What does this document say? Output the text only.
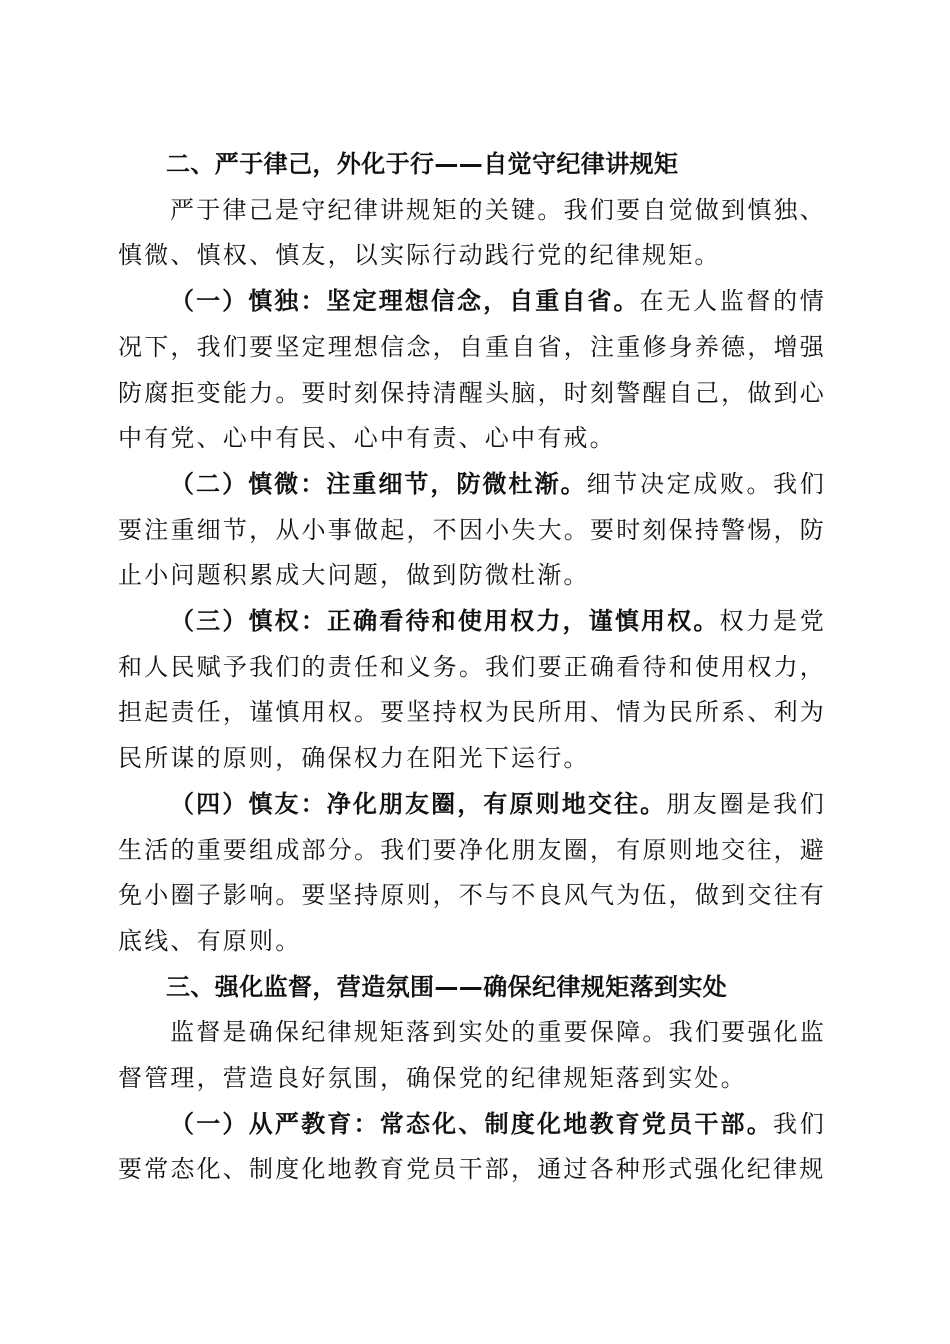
二、严于律己，外化于行——自觉守纪律讲规矩

严于律己是守纪律讲规矩的关键。我们要自觉做到慎独、慎微、慎权、慎友，以实际行动践行党的纪律规矩。

（一）慎独：坚定理想信念，自重自省。在无人监督的情况下，我们要坚定理想信念，自重自省，注重修身养德，增强防腐拒变能力。要时刻保持清醒头脑，时刻警醒自己，做到心中有党、心中有民、心中有责、心中有戒。

（二）慎微：注重细节，防微杜渐。细节决定成败。我们要注重细节，从小事做起，不因小失大。要时刻保持警惕，防止小问题积累成大问题，做到防微杜渐。

（三）慎权：正确看待和使用权力，谨慎用权。权力是党和人民赋予我们的责任和义务。我们要正确看待和使用权力，担起责任，谨慎用权。要坚持权为民所用、情为民所系、利为民所谋的原则，确保权力在阳光下运行。

（四）慎友：净化朋友圈，有原则地交往。朋友圈是我们生活的重要组成部分。我们要净化朋友圈，有原则地交往，避免小圈子影响。要坚持原则，不与不良风气为伍，做到交往有底线、有原则。

三、强化监督，营造氛围——确保纪律规矩落到实处

监督是确保纪律规矩落到实处的重要保障。我们要强化监督管理，营造良好氛围，确保党的纪律规矩落到实处。

（一）从严教育：常态化、制度化地教育党员干部。我们要常态化、制度化地教育党员干部，通过各种形式强化纪律规
